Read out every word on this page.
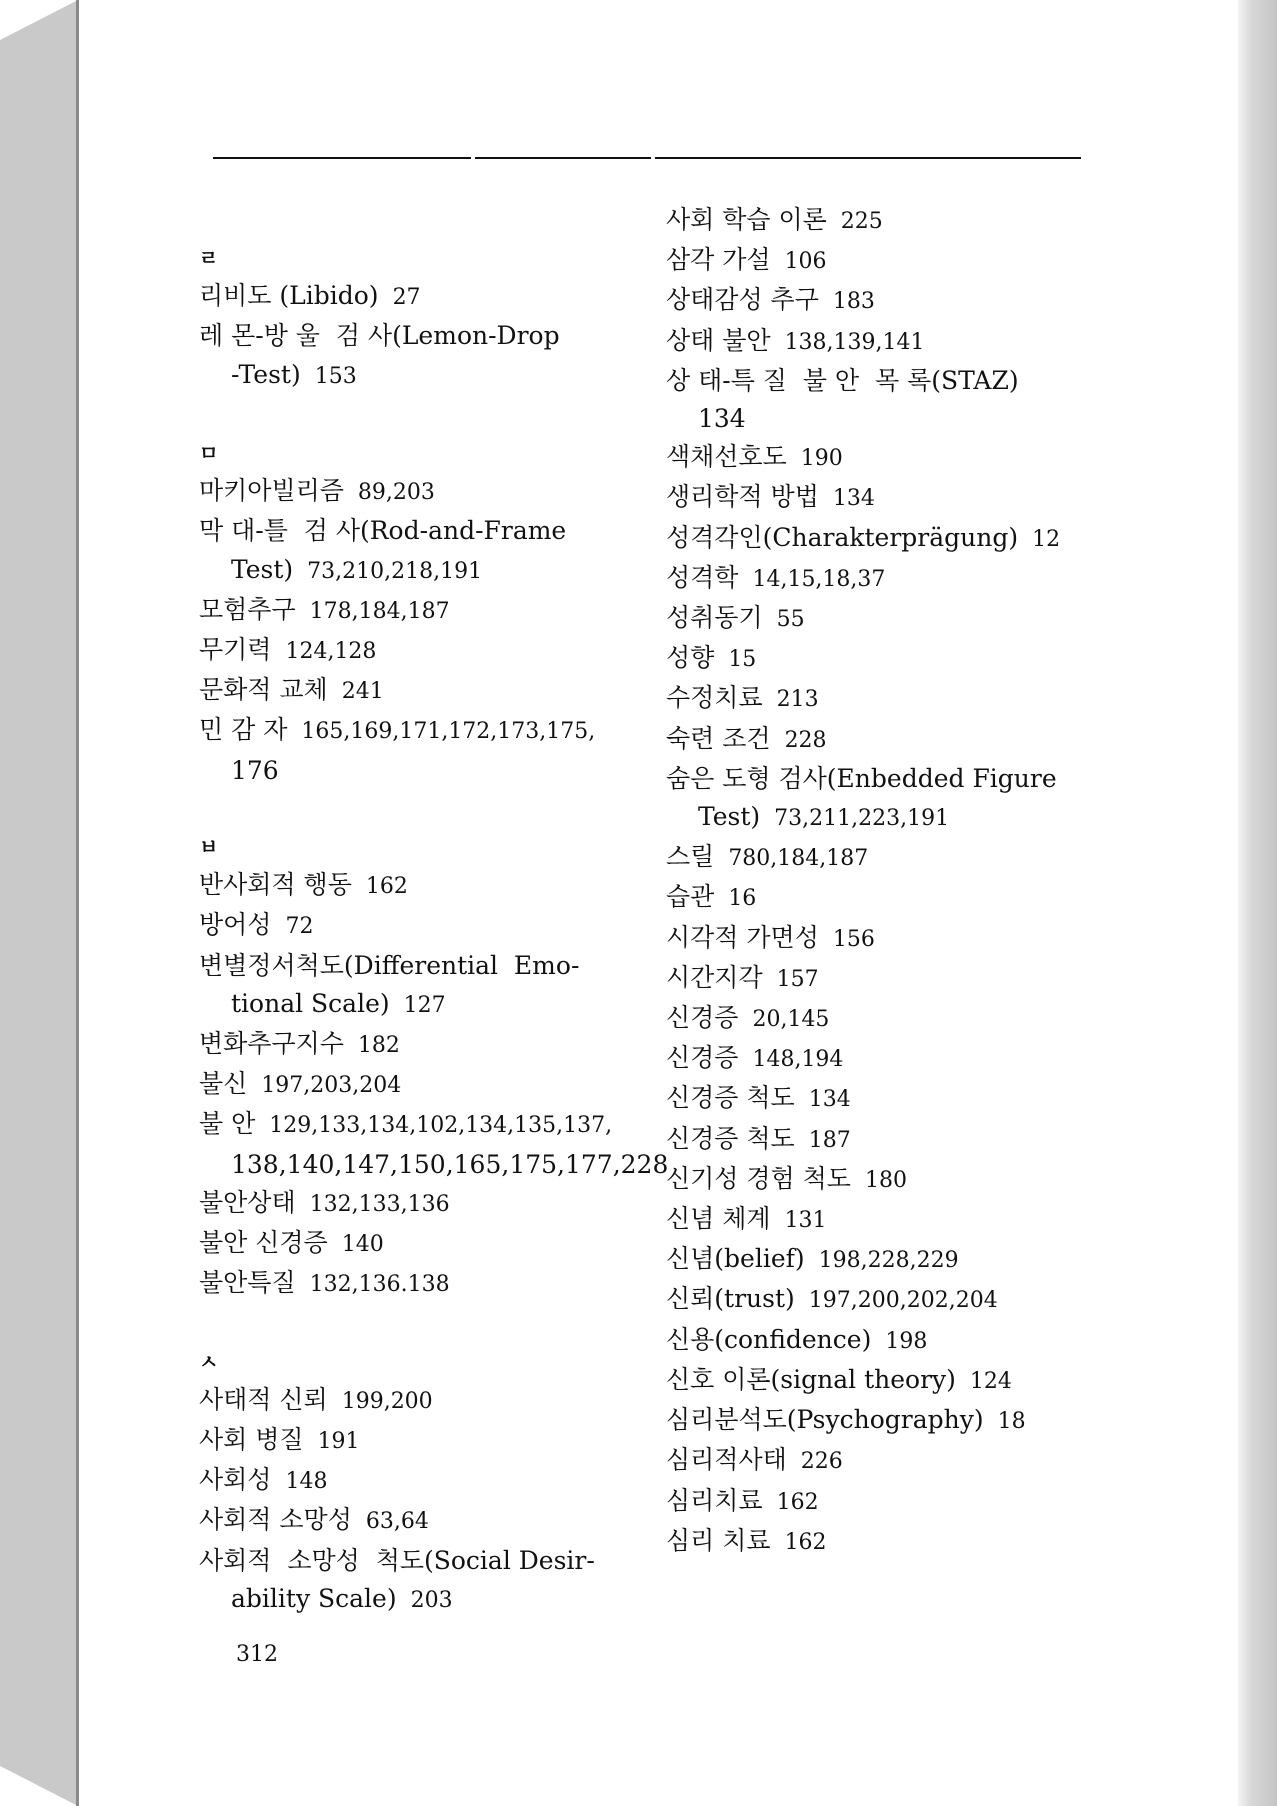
ㄹ
리비도 (Libido) 27
레 몬-방 울  검 사(Lemon-Drop
-Test) 153
ㅁ
마키아빌리즘 89,203
막 대-틀  검 사(Rod-and-Frame
Test) 73,210,218,191
모험추구 178,184,187
무기력 124,128
문화적 교체 241
민 감 자 165,169,171,172,173,175,
176
ㅂ
반사회적 행동 162
방어성 72
변별정서척도(Differential  Emo-
tional Scale) 127
변화추구지수 182
불신 197,203,204
불 안 129,133,134,102,134,135,137,
138,140,147,150,165,175,177,228
불안상태 132,133,136
불안 신경증 140
불안특질 132,136.138
ㅅ
사태적 신뢰 199,200
사회 병질 191
사회성 148
사회적 소망성 63,64
사회적  소망성  척도(Social Desir-
ability Scale) 203
사회 학습 이론 225
삼각 가설 106
상태감성 추구 183
상태 불안 138,139,141
상 태-특 질  불 안  목 록(STAZ)
134
색채선호도 190
생리학적 방법 134
성격각인(Charakterprägung) 12
성격학 14,15,18,37
성취동기 55
성향 15
수정치료 213
숙련 조건 228
숨은 도형 검사(Enbedded Figure
Test) 73,211,223,191
스릴 780,184,187
습관 16
시각적 가면성 156
시간지각 157
신경증 20,145
신경증 148,194
신경증 척도 134
신경증 척도 187
신기성 경험 척도 180
신념 체계 131
신념(belief) 198,228,229
신뢰(trust) 197,200,202,204
신용(confidence) 198
신호 이론(signal theory) 124
심리분석도(Psychography) 18
심리적사태 226
심리치료 162
심리 치료 162
312
